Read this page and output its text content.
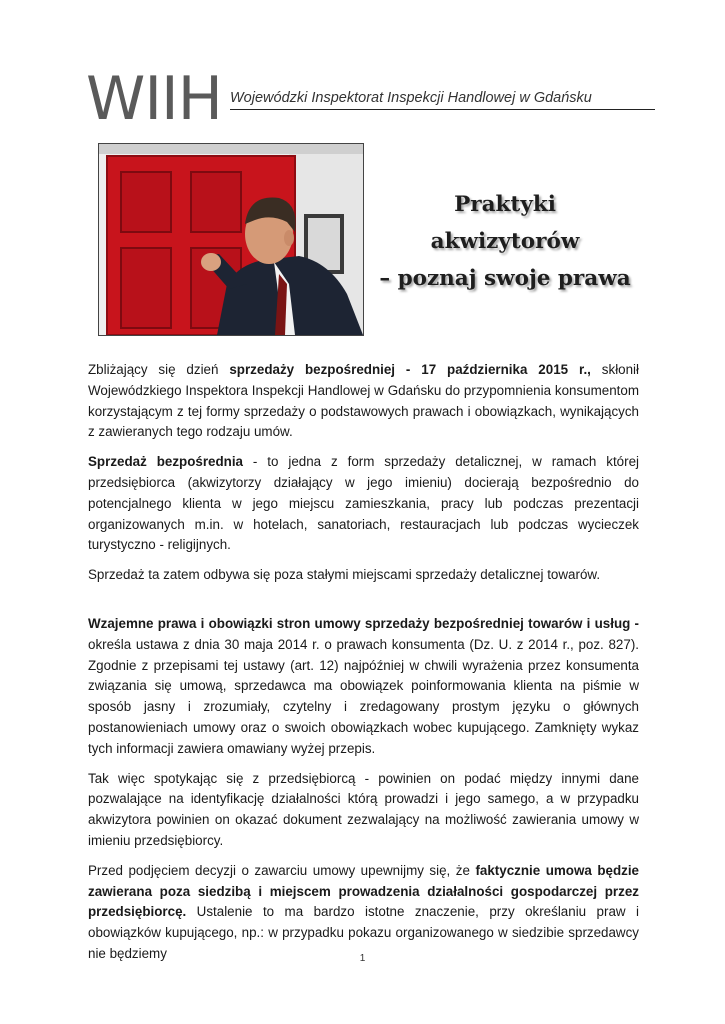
WIIH Wojewódzki Inspektorat Inspekcji Handlowej w Gdańsku
Praktyki
akwizytorów
– poznaj swoje prawa

Zbliżający się dzień sprzedaży bezpośredniej - 17 października 2015 r., skłonił Wojewódzkiego Inspektora Inspekcji Handlowej w Gdańsku do przypomnienia konsumentom korzystającym z tej formy sprzedaży o podstawowych prawach i obowiązkach, wynikających z zawieranych tego rodzaju umów.

Sprzedaż bezpośrednia - to jedna z form sprzedaży detalicznej, w ramach której przedsiębiorca (akwizytorzy działający w jego imieniu) docierają bezpośrednio do potencjalnego klienta w jego miejscu zamieszkania, pracy lub podczas prezentacji organizowanych m.in. w hotelach, sanatoriach, restauracjach lub podczas wycieczek turystyczno - religijnych.

Sprzedaż ta zatem odbywa się poza stałymi miejscami sprzedaży detalicznej towarów.

Wzajemne prawa i obowiązki stron umowy sprzedaży bezpośredniej towarów i usług - określa ustawa z dnia 30 maja 2014 r. o prawach konsumenta (Dz. U. z 2014 r., poz. 827). Zgodnie z przepisami tej ustawy (art. 12) najpóźniej w chwili wyrażenia przez konsumenta związania się umową, sprzedawca ma obowiązek poinformowania klienta na piśmie w sposób jasny i zrozumiały, czytelny i zredagowany prostym języku o głównych postanowieniach umowy oraz o swoich obowiązkach wobec kupującego. Zamknięty wykaz tych informacji zawiera omawiany wyżej przepis.

Tak więc spotykając się z przedsiębiorcą - powinien on podać między innymi dane pozwalające na identyfikację działalności którą prowadzi i jego samego, a w przypadku akwizytora powinien on okazać dokument zezwalający na możliwość zawierania umowy w imieniu przedsiębiorcy.

Przed podjęciem decyzji o zawarciu umowy upewnijmy się, że faktycznie umowa będzie zawierana poza siedzibą i miejscem prowadzenia działalności gospodarczej przez przedsiębiorcę. Ustalenie to ma bardzo istotne znaczenie, przy określaniu praw i obowiązków kupującego, np.: w przypadku pokazu organizowanego w siedzibie sprzedawcy nie będziemy	1
